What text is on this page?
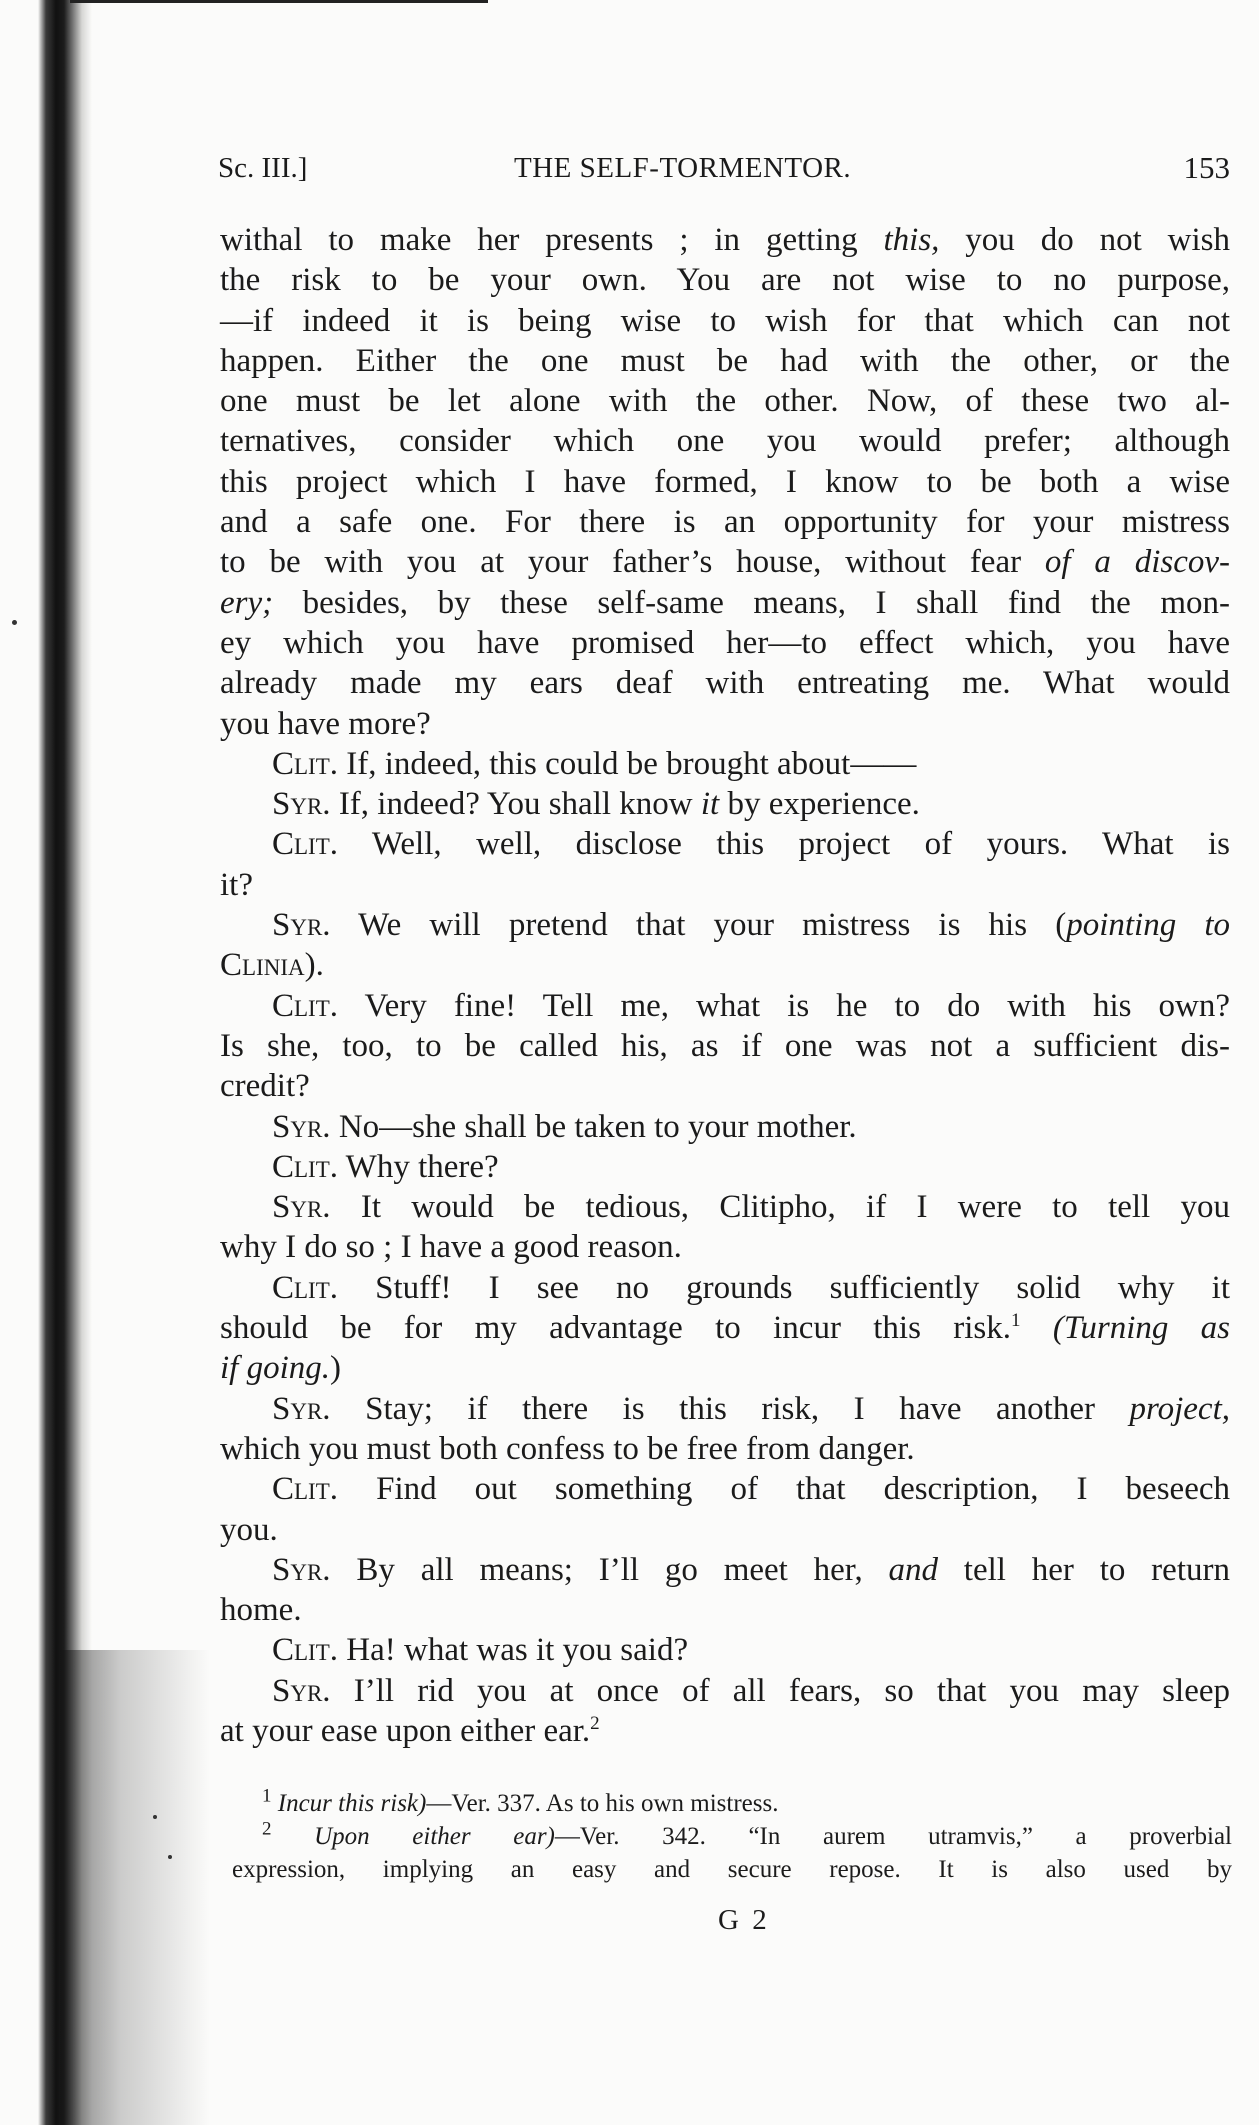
Sc. III.]	THE SELF-TORMENTOR.	153

withal to make her presents ; in getting this, you do not wish

the risk to be your own. You are not wise to no purpose,

—if indeed it is being wise to wish for that which can not

happen. Either the one must be had with the other, or the

one must be let alone with the other. Now, of these two al-

ternatives, consider which one you would prefer; although

this project which I have formed, I know to be both a wise

and a safe one. For there is an opportunity for your mistress

to be with you at your father’s house, without fear of a discov-

ery; besides, by these self-same means, I shall find the mon-

ey which you have promised her—to effect which, you have

already made my ears deaf with entreating me. What would

you have more?

Clit. If, indeed, this could be brought about——

Syr. If, indeed? You shall know it by experience.

Clit. Well, well, disclose this project of yours. What is

it?

Syr. We will pretend that your mistress is his (pointing to

Clinia).

Clit. Very fine! Tell me, what is he to do with his own?

Is she, too, to be called his, as if one was not a sufficient dis-

credit?

Syr. No—she shall be taken to your mother.

Clit. Why there?

Syr. It would be tedious, Clitipho, if I were to tell you

why I do so ; I have a good reason.

Clit. Stuff! I see no grounds sufficiently solid why it

should be for my advantage to incur this risk.$^1$ (Turning as

if going.)

Syr. Stay; if there is this risk, I have another project,

which you must both confess to be free from danger.

Clit. Find out something of that description, I beseech

you.

Syr. By all means; I’ll go meet her, and tell her to return

home.

Clit. Ha! what was it you said?

Syr. I’ll rid you at once of all fears, so that you may sleep

at your ease upon either ear.$^2$

$^1$ Incur this risk)—Ver. 337. As to his own mistress.

$^2$ Upon either ear)—Ver. 342. “In aurem utramvis,” a proverbial

expression, implying an easy and secure repose. It is also used by

G 2
